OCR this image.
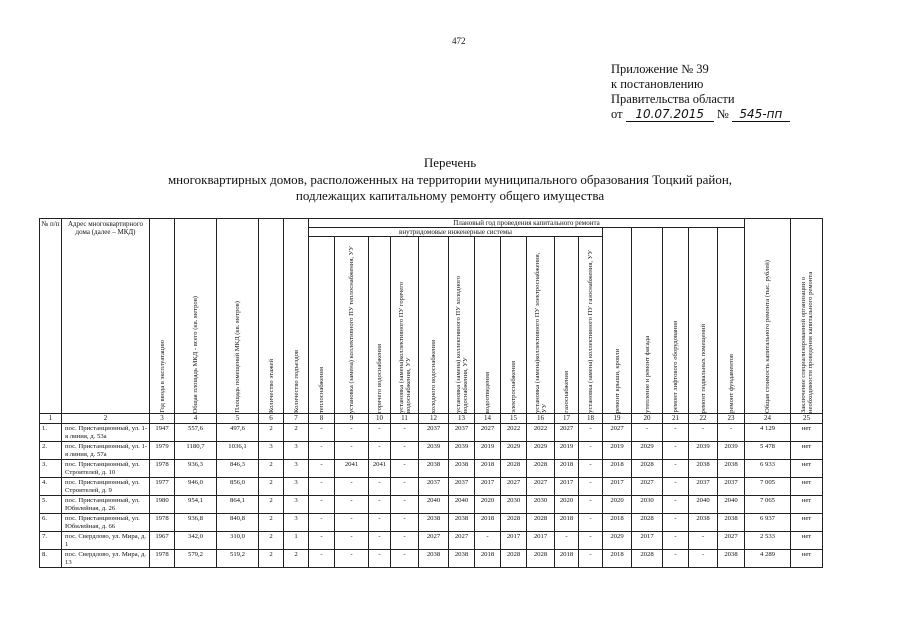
472
Приложение № 39
к постановлению
Правительства области
от 10.07.2015 № 545-пп
Перечень
многоквартирных домов, расположенных на территории муниципального образования Тоцкий район,
подлежащих капитальному ремонту общего имущества
№ п/п	Адрес многоквартирного дома (далее – МКД)	Год ввода в эксплуатацию	Общая площадь МКД - всего (кв. метров)	Площадь помещений МКД (кв. метров)	Количество этажей	Количество подъездов	Плановый год проведения капитального ремонта																Общая стоимость капитального ремонта (тыс. рублей)	Заключение специализированной организации о необходимости проведения капитального ремонта

							внутридомовые инженерные системы											ремонт крыши, кровли	утепление и ремонт фасада	ремонт лифтового оборудования	ремонт подвальных помещений	ремонт фундаментов		

							теплоснабжения	установка (замена) коллективного ПУ теплоснабжения, УУ	горячего водоснабжения	установка (замена)коллективного ПУ горячего водоснабжения, УУ	холодного водоснабжения	установка (замена) коллективного ПУ холодного водоснабжения, УУ	водоотведения	электроснабжения	установка (замена)коллективного ПУ электроснабжения, УУ	газоснабжения	установка (замена) коллективного ПУ газоснабжения, УУ							

1	2	3	4	5	6	7	8	9	10	11	12	13	14	15	16	17	18	19	20	21	22	23	24	25
1.	пос. Пристанционный, ул. 1-я линия, д. 53а	1947	557,6	497,6	2	2	-	-	-	-	2037	2037	2027	2022	2022	2027	-	2027	-	-	-	-	4 129	нет
2.	пос. Пристанционный, ул. 1-я линия, д. 57а	1979	1180,7	1036,1	3	3	-	-	-	-	2039	2039	2019	2029	2029	2019	-	2019	2029	-	2039	2039	5 478	нет
3.	пос. Пристанционный, ул. Строителей, д. 10	1978	936,3	846,3	2	3	-	2041	2041	-	2038	2038	2018	2028	2028	2018	-	2018	2028	-	2038	2038	6 933	нет
4.	пос. Пристанционный, ул. Строителей, д. 9	1977	946,0	856,0	2	3	-	-	-	-	2037	2037	2017	2027	2027	2017	-	2017	2027	-	2037	2037	7 005	нет
5.	пос. Пристанционный, ул. Юбилейная, д. 26	1980	954,1	864,1	2	3	-	-	-	-	2040	2040	2020	2030	2030	2020	-	2020	2030	-	2040	2040	7 065	нет
6.	пос. Пристанционный, ул. Юбилейная, д. 66	1978	936,8	840,8	2	3	-	-	-	-	2038	2038	2018	2028	2028	2018	-	2018	2028	-	2038	2038	6 937	нет
7.	пос. Свердлово, ул. Мира, д. 1	1967	342,0	310,0	2	1	-	-	-	-	2027	2027	-	2017	2017	-	-	2029	2017	-	-	2027	2 533	нет
8.	пос. Свердлово, ул. Мира, д. 13	1978	579,2	519,2	2	2	-	-	-	-	2038	2038	2018	2028	2028	2018	-	2018	2028	-	-	2038	4 289	нет
